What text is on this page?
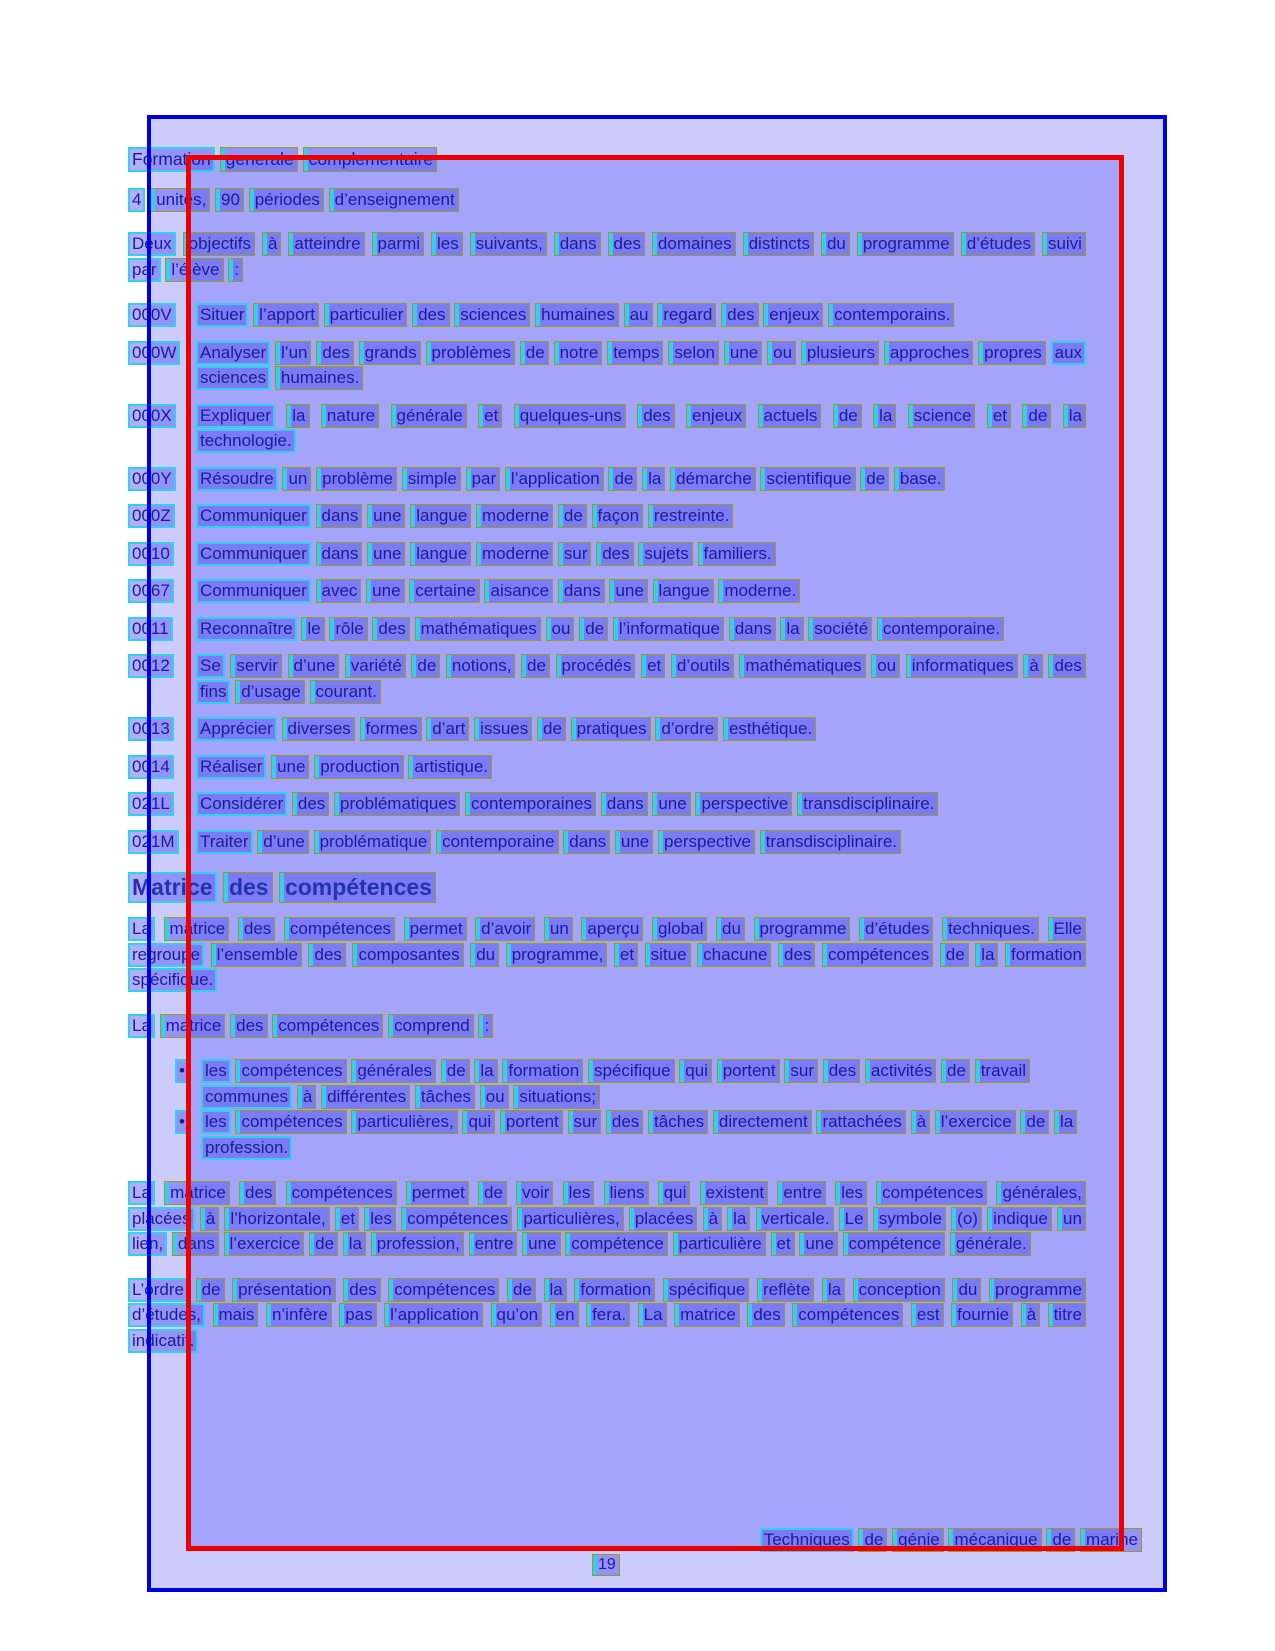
Formation generale complementaire
4 unités, 90 périodes d’enseignement
Deux objectifs à atteindre parmi les suivants, dans des domaines distincts du programme d’études suivi par l’élève :
000V	Situer l’apport particulier des sciences humaines au regard des enjeux contemporains.
000W	Analyser l’un des grands problèmes de notre temps selon une ou plusieurs approches propres aux sciences humaines.
000X	Expliquer la nature générale et quelques-uns des enjeux actuels de la science et de la technologie.
000Y	Résoudre un problème simple par l’application de la démarche scientifique de base.
000Z	Communiquer dans une langue moderne de façon restreinte.
0010	Communiquer dans une langue moderne sur des sujets familiers.
0067	Communiquer avec une certaine aisance dans une langue moderne.
0011	Reconnaître le rôle des mathématiques ou de l’informatique dans la société contemporaine.
0012	Se servir d’une variété de notions, de procédés et d’outils mathématiques ou informatiques à des fins d’usage courant.
0013	Apprécier diverses formes d’art issues de pratiques d’ordre esthétique.
0014	Réaliser une production artistique.
021L	Considérer des problématiques contemporaines dans une perspective transdisciplinaire.
021M	Traiter d’une problématique contemporaine dans une perspective transdisciplinaire.
Matrice des compétences
La matrice des compétences permet d’avoir un aperçu global du programme d’études techniques. Elle regroupe l’ensemble des composantes du programme, et situe chacune des compétences de la formation spécifique.
La matrice des compétences comprend :
•	les compétences générales de la formation spécifique qui portent sur des activités de travail communes à différentes tâches ou situations;
•	les compétences particulières, qui portent sur des tâches directement rattachées à l’exercice de la profession.
La matrice des compétences permet de voir les liens qui existent entre les compétences générales, placées à l’horizontale, et les compétences particulières, placées à la verticale. Le symbole (o) indique un lien, dans l’exercice de la profession, entre une compétence particulière et une compétence générale.
L’ordre de présentation des compétences de la formation spécifique reflète la conception du programme d’études, mais n’infère pas l’application qu’on en fera. La matrice des compétences est fournie à titre indicatif.
Techniques de génie mécanique de marine
19
